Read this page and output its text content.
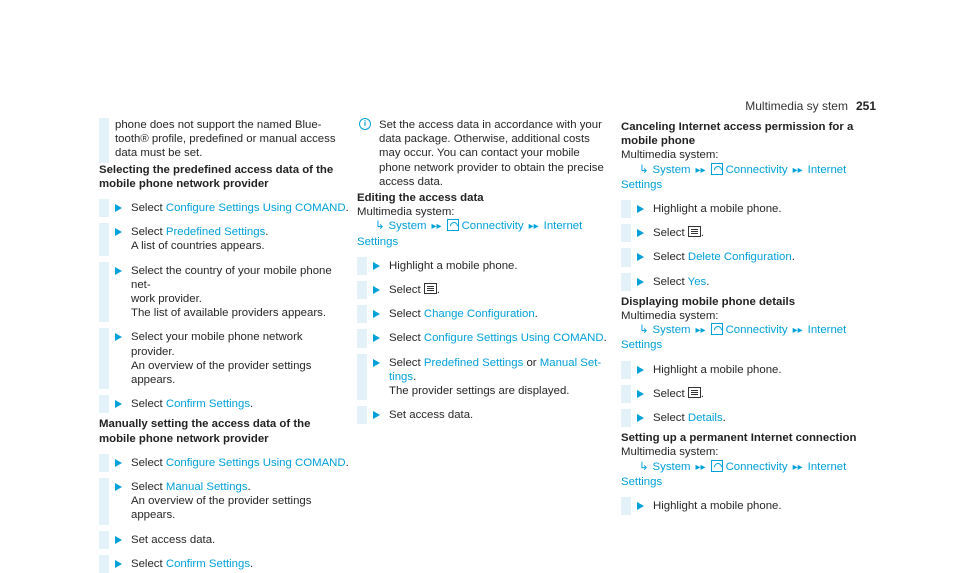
Multimedia sy stem 251
phone does not support the named Blue‐
tooth® profile, predefined or manual access
data must be set.
Selecting the predefined access data of the
mobile phone network provider
Select Configure Settings Using COMAND.
Select Predefined Settings.
A list of countries appears.
Select the country of your mobile phone net‐
work provider.
The list of available providers appears.
Select your mobile phone network provider.
An overview of the provider settings appears.
Select Confirm Settings.
Manually setting the access data of the
mobile phone network provider
Select Configure Settings Using COMAND.
Select Manual Settings.
An overview of the provider settings appears.
Set access data.
Select Confirm Settings.
i	Set the access data in accordance with your
data package. Otherwise, additional costs
may occur. You can contact your mobile
phone network provider to obtain the precise
access data.
Editing the access data
Multimedia system:
↳ System ▸▸ Connectivity ▸▸ Internet
Settings
Highlight a mobile phone.
Select .
Select Change Configuration.
Select Configure Settings Using COMAND.
Select Predefined Settings or Manual Set‐
tings.
The provider settings are displayed.
Set access data.
Canceling Internet access permission for a
mobile phone
Multimedia system:
↳ System ▸▸ Connectivity ▸▸ Internet
Settings
Highlight a mobile phone.
Select .
Select Delete Configuration.
Select Yes.
Displaying mobile phone details
Multimedia system:
↳ System ▸▸ Connectivity ▸▸ Internet
Settings
Highlight a mobile phone.
Select .
Select Details.
Setting up a permanent Internet connection
Multimedia system:
↳ System ▸▸ Connectivity ▸▸ Internet
Settings
Highlight a mobile phone.
